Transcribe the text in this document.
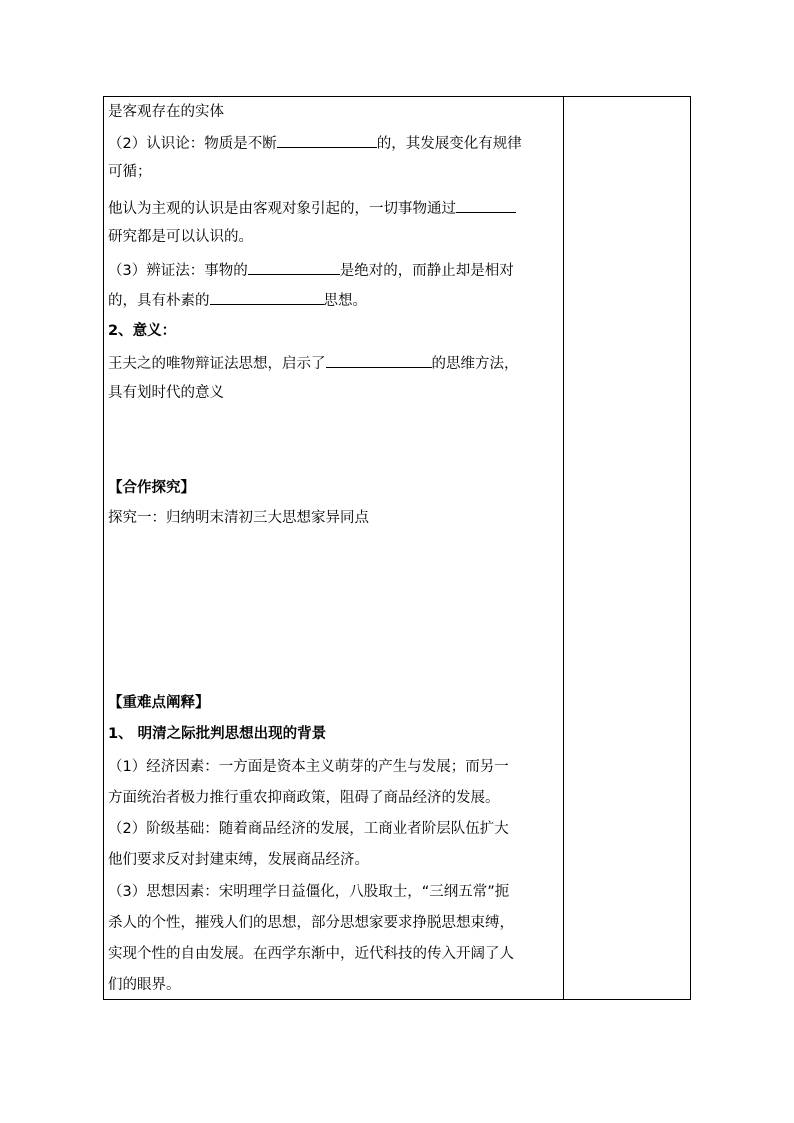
是客观存在的实体
（2）认识论：物质是不断	的，其发展变化有规律
可循；
他认为主观的认识是由客观对象引起的，一切事物通过
研究都是可以认识的。
（3）辨证法：事物的	是绝对的，而静止却是相对
的，具有朴素的	思想。
2、意义：
王夫之的唯物辩证法思想，启示了	的思维方法，
具有划时代的意义
【合作探究】
探究一：归纳明末清初三大思想家异同点
【重难点阐释】
1、 明清之际批判思想出现的背景
（1）经济因素：一方面是资本主义萌芽的产生与发展；而另一
方面统治者极力推行重农抑商政策，阻碍了商品经济的发展。
（2）阶级基础：随着商品经济的发展，工商业者阶层队伍扩大
他们要求反对封建束缚，发展商品经济。
（3）思想因素：宋明理学日益僵化，八股取士，“三纲五常”扼
杀人的个性，摧残人们的思想，部分思想家要求挣脱思想束缚，
实现个性的自由发展。在西学东渐中，近代科技的传入开阔了人
们的眼界。
